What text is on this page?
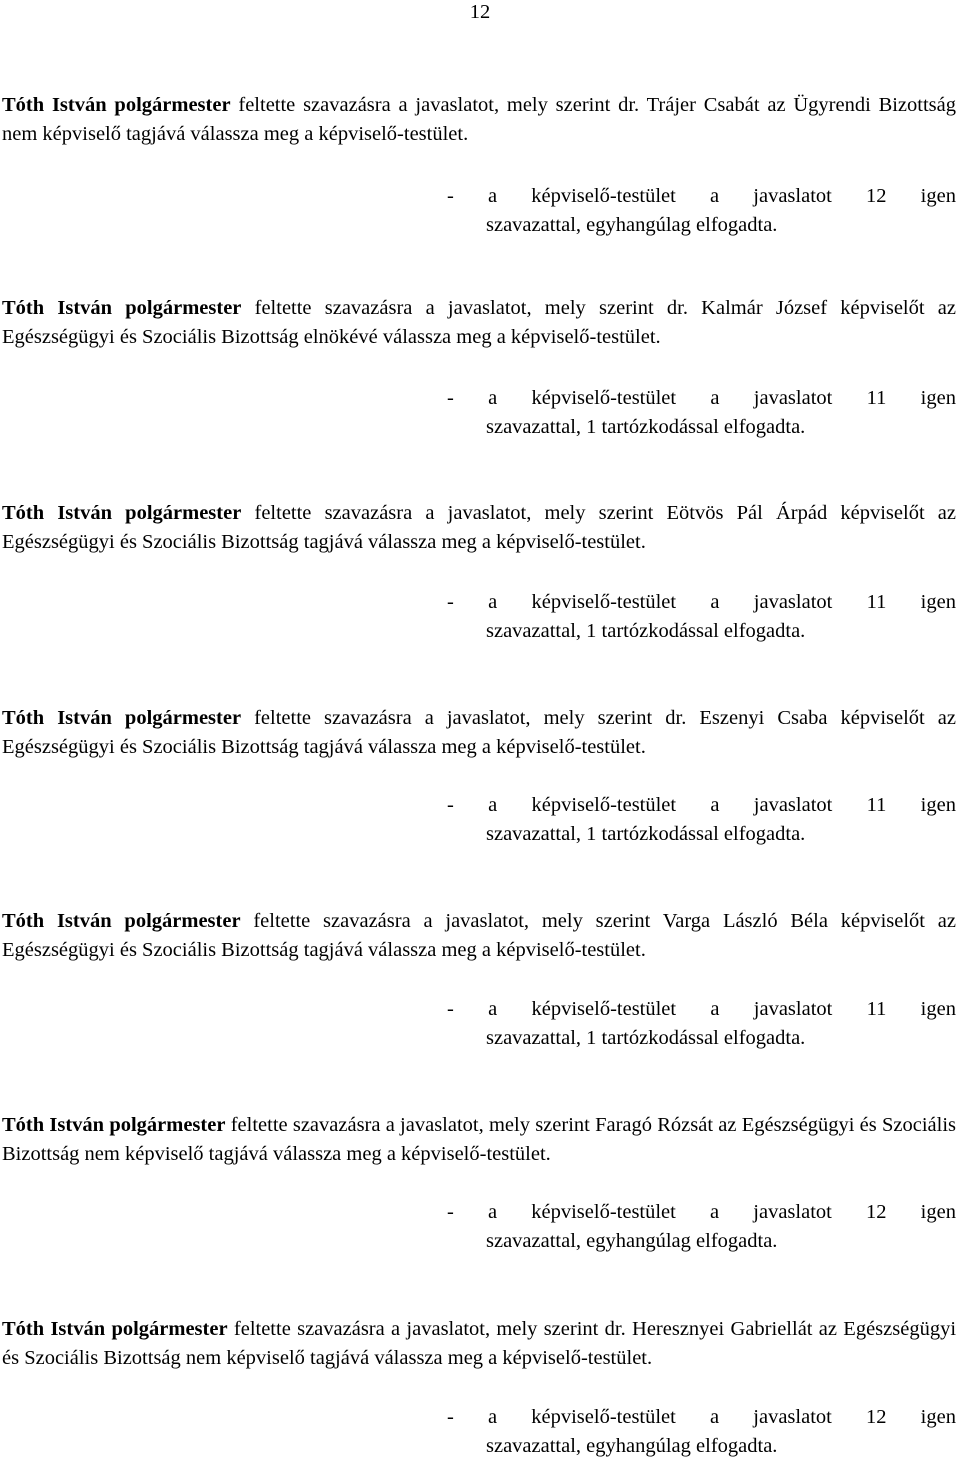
12
Tóth István polgármester feltette szavazásra a javaslatot, mely szerint dr. Trájer Csabát az Ügyrendi Bizottság nem képviselő tagjává válassza meg a képviselő-testület.
- a képviselő-testület a javaslatot 12 igen
szavazattal, egyhangúlag elfogadta.
Tóth István polgármester feltette szavazásra a javaslatot, mely szerint dr. Kalmár József képviselőt az Egészségügyi és Szociális Bizottság elnökévé válassza meg a képviselő-testület.
- a képviselő-testület a javaslatot 11 igen
szavazattal, 1 tartózkodással elfogadta.
Tóth István polgármester feltette szavazásra a javaslatot, mely szerint Eötvös Pál Árpád képviselőt az Egészségügyi és Szociális Bizottság tagjává válassza meg a képviselő-testület.
- a képviselő-testület a javaslatot 11 igen
szavazattal, 1 tartózkodással elfogadta.
Tóth István polgármester feltette szavazásra a javaslatot, mely szerint dr. Eszenyi Csaba képviselőt az Egészségügyi és Szociális Bizottság tagjává válassza meg a képviselő-testület.
- a képviselő-testület a javaslatot 11 igen
szavazattal, 1 tartózkodással elfogadta.
Tóth István polgármester feltette szavazásra a javaslatot, mely szerint Varga László Béla képviselőt az Egészségügyi és Szociális Bizottság tagjává válassza meg a képviselő-testület.
- a képviselő-testület a javaslatot 11 igen
szavazattal, 1 tartózkodással elfogadta.
Tóth István polgármester feltette szavazásra a javaslatot, mely szerint Faragó Rózsát az Egészségügyi és Szociális Bizottság nem képviselő tagjává válassza meg a képviselő-testület.
- a képviselő-testület a javaslatot 12 igen
szavazattal, egyhangúlag elfogadta.
Tóth István polgármester feltette szavazásra a javaslatot, mely szerint dr. Heresznyei Gabriellát az Egészségügyi és Szociális Bizottság nem képviselő tagjává válassza meg a képviselő-testület.
- a képviselő-testület a javaslatot 12 igen
szavazattal, egyhangúlag elfogadta.
